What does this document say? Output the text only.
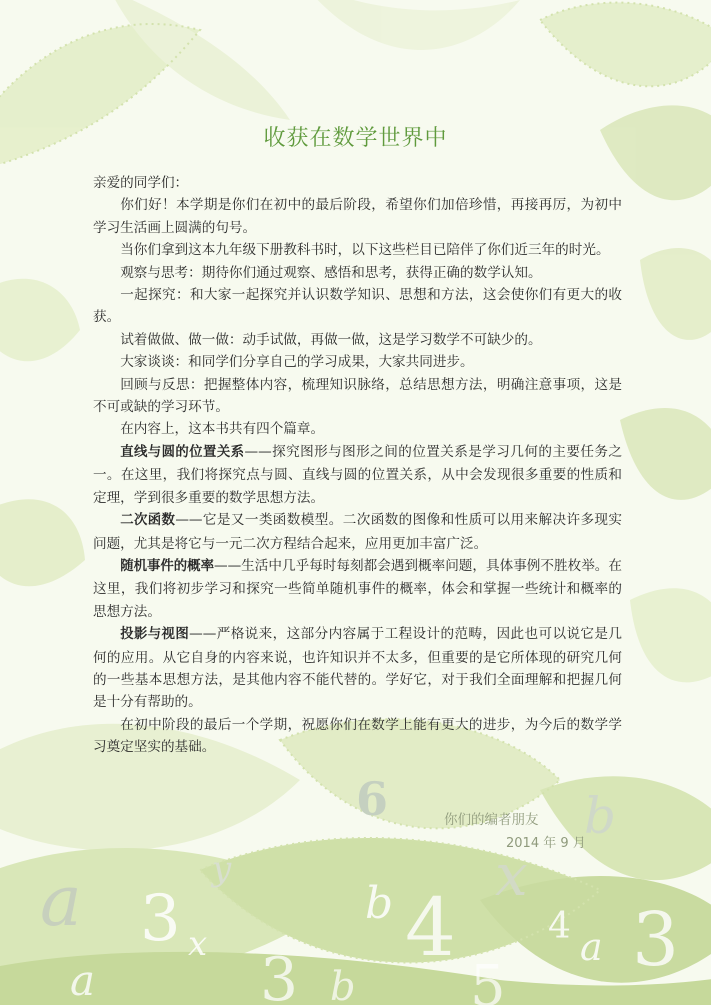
6	b
y	x
b
a
a
3	4
x	3
4
a	3	5
b
收获在数学世界中

亲爱的同学们：

你们好！本学期是你们在初中的最后阶段，希望你们加倍珍惜，再接再厉，为初中学习生活画上圆满的句号。

当你们拿到这本九年级下册教科书时，以下这些栏目已陪伴了你们近三年的时光。

观察与思考：期待你们通过观察、感悟和思考，获得正确的数学认知。

一起探究：和大家一起探究并认识数学知识、思想和方法，这会使你们有更大的收获。

试着做做、做一做：动手试做，再做一做，这是学习数学不可缺少的。

大家谈谈：和同学们分享自己的学习成果，大家共同进步。

回顾与反思：把握整体内容，梳理知识脉络，总结思想方法，明确注意事项，这是不可或缺的学习环节。

在内容上，这本书共有四个篇章。

直线与圆的位置关系——探究图形与图形之间的位置关系是学习几何的主要任务之一。在这里，我们将探究点与圆、直线与圆的位置关系，从中会发现很多重要的性质和定理，学到很多重要的数学思想方法。

二次函数——它是又一类函数模型。二次函数的图像和性质可以用来解决许多现实问题，尤其是将它与一元二次方程结合起来，应用更加丰富广泛。

随机事件的概率——生活中几乎每时每刻都会遇到概率问题，具体事例不胜枚举。在这里，我们将初步学习和探究一些简单随机事件的概率，体会和掌握一些统计和概率的思想方法。

投影与视图——严格说来，这部分内容属于工程设计的范畴，因此也可以说它是几何的应用。从它自身的内容来说，也许知识并不太多，但重要的是它所体现的研究几何的一些基本思想方法，是其他内容不能代替的。学好它，对于我们全面理解和把握几何是十分有帮助的。

在初中阶段的最后一个学期，祝愿你们在数学上能有更大的进步，为今后的数学学习奠定坚实的基础。

你们的编者朋友
2014 年 9 月
